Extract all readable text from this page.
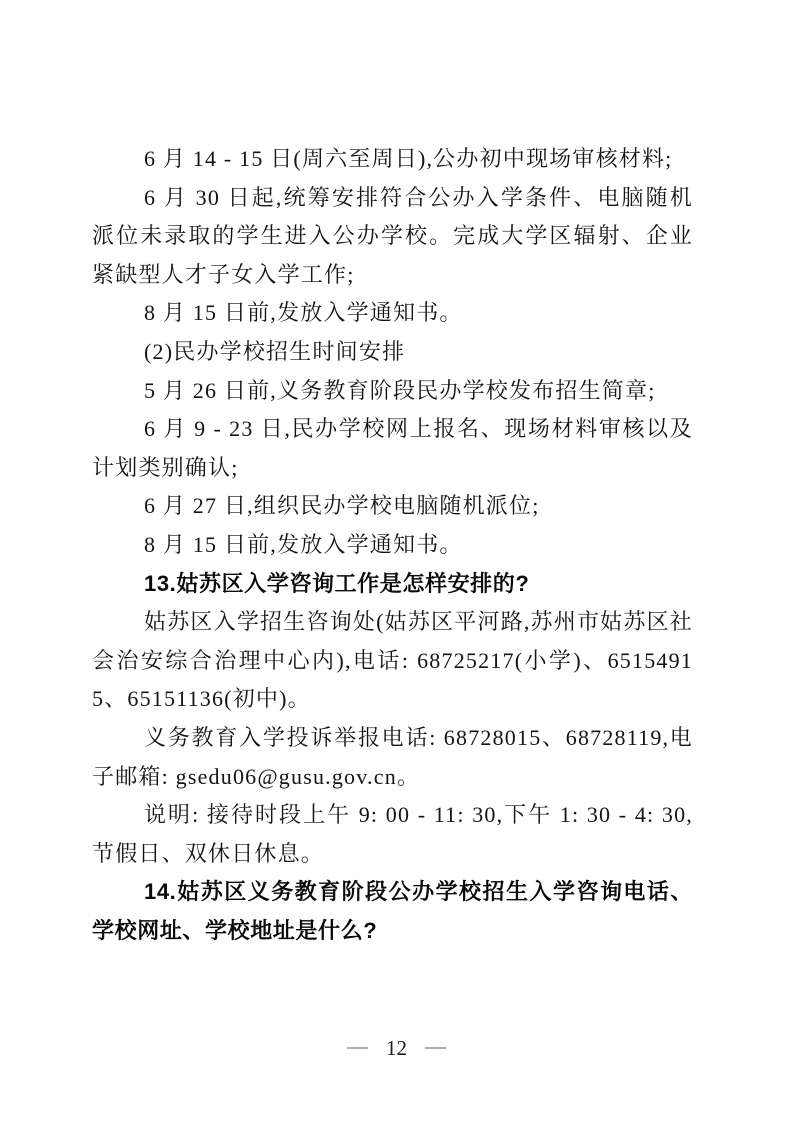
6 月 14 - 15 日(周六至周日),公办初中现场审核材料;

6 月 30 日起,统筹安排符合公办入学条件、电脑随机派位未录取的学生进入公办学校。完成大学区辐射、企业紧缺型人才子女入学工作;

8 月 15 日前,发放入学通知书。

(2)民办学校招生时间安排

5 月 26 日前,义务教育阶段民办学校发布招生简章;

6 月 9 - 23 日,民办学校网上报名、现场材料审核以及计划类别确认;

6 月 27 日,组织民办学校电脑随机派位;

8 月 15 日前,发放入学通知书。

13.姑苏区入学咨询工作是怎样安排的?

姑苏区入学招生咨询处(姑苏区平河路,苏州市姑苏区社会治安综合治理中心内),电话: 68725217(小学)、65154915、65151136(初中)。

义务教育入学投诉举报电话: 68728015、68728119,电子邮箱: gsedu06@gusu.gov.cn。

说明: 接待时段上午 9: 00 - 11: 30,下午 1: 30 - 4: 30,节假日、双休日休息。

14.姑苏区义务教育阶段公办学校招生入学咨询电话、学校网址、学校地址是什么?

— 12 —
